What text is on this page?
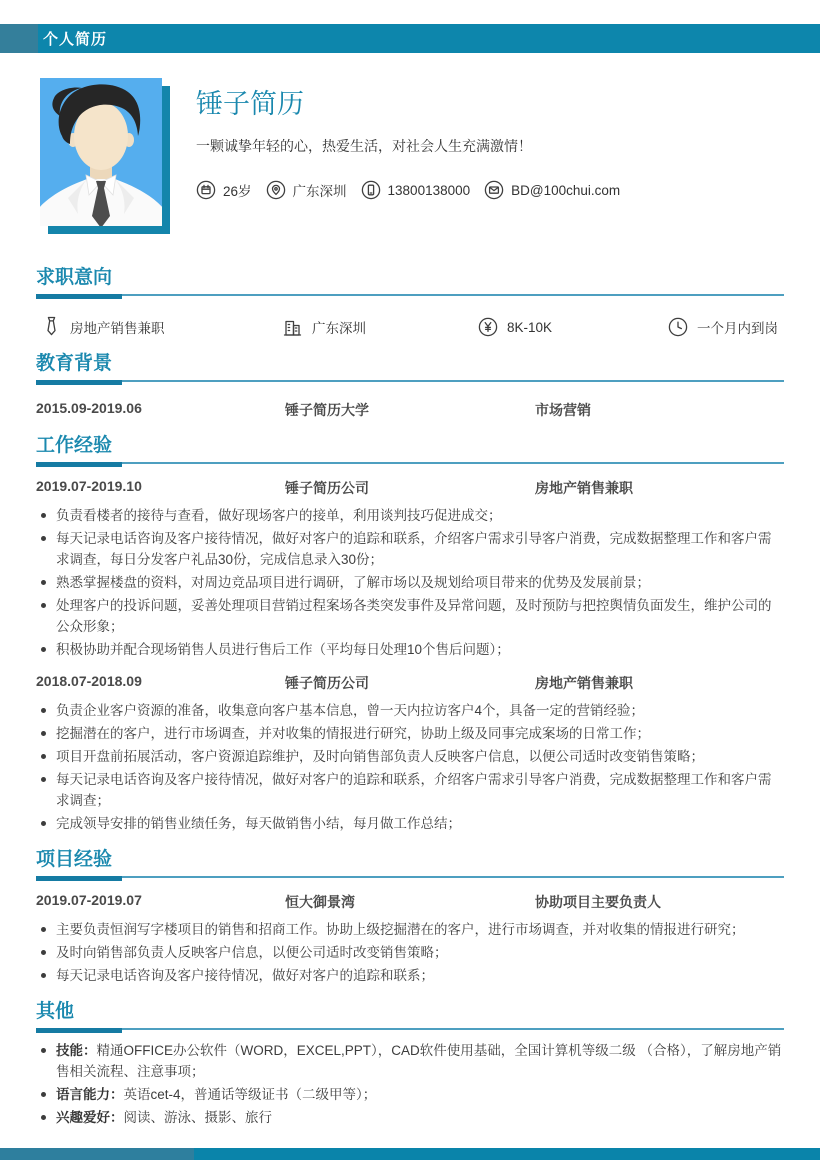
个人简历
锤子简历
一颗诚挚年轻的心，热爱生活，对社会人生充满激情！
26岁	广东深圳	13800138000	BD@100chui.com
求职意向
房地产销售兼职	广东深圳	8K-10K	一个月内到岗
教育背景
2015.09-2019.06	锤子简历大学	市场营销
工作经验
2019.07-2019.10	锤子简历公司	房地产销售兼职
负责看楼者的接待与查看，做好现场客户的接单，利用谈判技巧促进成交；
每天记录电话咨询及客户接待情况，做好对客户的追踪和联系，介绍客户需求引导客户消费，完成数据整理工作和客户需求调查，每日分发客户礼品30份，完成信息录入30份；
熟悉掌握楼盘的资料，对周边竞品项目进行调研，了解市场以及规划给项目带来的优势及发展前景；
处理客户的投诉问题，妥善处理项目营销过程案场各类突发事件及异常问题，及时预防与把控舆情负面发生，维护公司的公众形象；
积极协助并配合现场销售人员进行售后工作（平均每日处理10个售后问题）；
2018.07-2018.09	锤子简历公司	房地产销售兼职
负责企业客户资源的准备，收集意向客户基本信息，曾一天内拉访客户4个，具备一定的营销经验；
挖掘潜在的客户，进行市场调查，并对收集的情报进行研究，协助上级及同事完成案场的日常工作；
项目开盘前拓展活动，客户资源追踪维护，及时向销售部负责人反映客户信息，以便公司适时改变销售策略；
每天记录电话咨询及客户接待情况，做好对客户的追踪和联系，介绍客户需求引导客户消费，完成数据整理工作和客户需求调查；
完成领导安排的销售业绩任务，每天做销售小结，每月做工作总结；
项目经验
2019.07-2019.07	恒大御景湾	协助项目主要负责人
主要负责恒润写字楼项目的销售和招商工作。协助上级挖掘潜在的客户，进行市场调查，并对收集的情报进行研究；
及时向销售部负责人反映客户信息，以便公司适时改变销售策略；
每天记录电话咨询及客户接待情况，做好对客户的追踪和联系；
其他
技能：精通OFFICE办公软件（WORD，EXCEL,PPT），CAD软件使用基础，全国计算机等级二级 （合格），了解房地产销售相关流程、注意事项；
语言能力：英语cet-4，普通话等级证书（二级甲等）；
兴趣爱好：阅读、游泳、摄影、旅行
